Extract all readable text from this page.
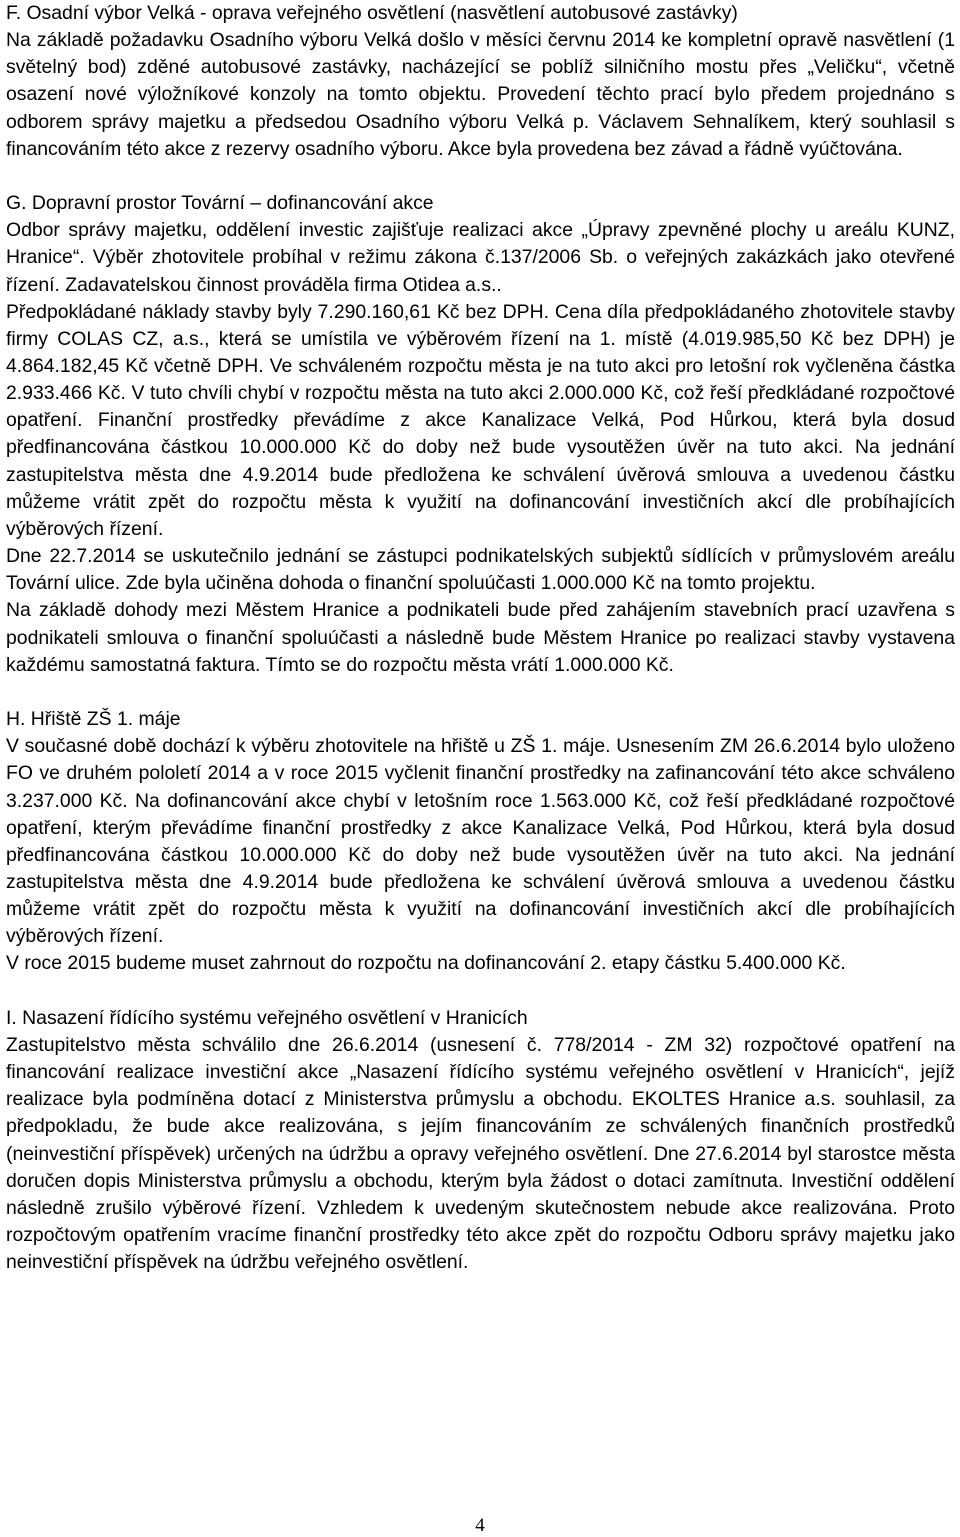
F. Osadní výbor Velká - oprava veřejného osvětlení (nasvětlení autobusové zastávky)

Na základě požadavku Osadního výboru Velká došlo v měsíci červnu 2014 ke kompletní opravě nasvětlení (1 světelný bod) zděné autobusové zastávky, nacházející se poblíž silničního mostu přes „Veličku“, včetně osazení nové výložníkové konzoly na tomto objektu. Provedení těchto prací bylo předem projednáno s odborem správy majetku a předsedou Osadního výboru Velká p. Václavem Sehnalíkem, který souhlasil s financováním této akce z rezervy osadního výboru. Akce byla provedena bez závad a řádně vyúčtována.

G. Dopravní prostor Tovární – dofinancování akce

Odbor správy majetku, oddělení investic zajišťuje realizaci akce „Úpravy zpevněné plochy u areálu KUNZ, Hranice“. Výběr zhotovitele probíhal v režimu zákona č.137/2006 Sb. o veřejných zakázkách jako otevřené řízení. Zadavatelskou činnost prováděla firma Otidea a.s..

Předpokládané náklady stavby byly 7.290.160,61 Kč bez DPH. Cena díla předpokládaného zhotovitele stavby firmy COLAS CZ, a.s., která se umístila ve výběrovém řízení na 1. místě (4.019.985,50 Kč bez DPH) je 4.864.182,45 Kč včetně DPH. Ve schváleném rozpočtu města je na tuto akci pro letošní rok vyčleněna částka 2.933.466 Kč. V tuto chvíli chybí v rozpočtu města na tuto akci 2.000.000 Kč, což řeší předkládané rozpočtové opatření. Finanční prostředky převádíme z akce Kanalizace Velká, Pod Hůrkou, která byla dosud předfinancována částkou 10.000.000 Kč do doby než bude vysoutěžen úvěr na tuto akci. Na jednání zastupitelstva města dne 4.9.2014 bude předložena ke schválení úvěrová smlouva a uvedenou částku můžeme vrátit zpět do rozpočtu města k využití na dofinancování investičních akcí dle probíhajících výběrových řízení.

Dne 22.7.2014 se uskutečnilo jednání se zástupci podnikatelských subjektů sídlících v průmyslovém areálu Tovární ulice. Zde byla učiněna dohoda o finanční spoluúčasti 1.000.000 Kč na tomto projektu.

Na základě dohody mezi Městem Hranice a podnikateli bude před zahájením stavebních prací uzavřena s podnikateli smlouva o finanční spoluúčasti a následně bude Městem Hranice po realizaci stavby vystavena každému samostatná faktura. Tímto se do rozpočtu města vrátí 1.000.000 Kč.

H. Hřiště ZŠ 1. máje

V současné době dochází k výběru zhotovitele na hřiště u ZŠ 1. máje. Usnesením ZM 26.6.2014 bylo uloženo FO ve druhém pololetí 2014 a v roce 2015 vyčlenit finanční prostředky na zafinancování této akce schváleno 3.237.000 Kč. Na dofinancování akce chybí v letošním roce 1.563.000 Kč, což řeší předkládané rozpočtové opatření, kterým převádíme finanční prostředky z akce Kanalizace Velká, Pod Hůrkou, která byla dosud předfinancována částkou 10.000.000 Kč do doby než bude vysoutěžen úvěr na tuto akci. Na jednání zastupitelstva města dne 4.9.2014 bude předložena ke schválení úvěrová smlouva a uvedenou částku můžeme vrátit zpět do rozpočtu města k využití na dofinancování investičních akcí dle probíhajících výběrových řízení.

V roce 2015 budeme muset zahrnout do rozpočtu na dofinancování 2. etapy částku 5.400.000 Kč.

I. Nasazení řídícího systému veřejného osvětlení v Hranicích

Zastupitelstvo města schválilo dne 26.6.2014 (usnesení č. 778/2014 - ZM 32) rozpočtové opatření na financování realizace investiční akce „Nasazení řídícího systému veřejného osvětlení v Hranicích“, jejíž realizace byla podmíněna dotací z Ministerstva průmyslu a obchodu. EKOLTES Hranice a.s. souhlasil, za předpokladu, že bude akce realizována, s jejím financováním ze schválených finančních prostředků (neinvestiční příspěvek) určených na údržbu a opravy veřejného osvětlení. Dne 27.6.2014 byl starostce města doručen dopis Ministerstva průmyslu a obchodu, kterým byla žádost o dotaci zamítnuta. Investiční oddělení následně zrušilo výběrové řízení. Vzhledem k uvedeným skutečnostem nebude akce realizována. Proto rozpočtovým opatřením vracíme finanční prostředky této akce zpět do rozpočtu Odboru správy majetku jako neinvestiční příspěvek na údržbu veřejného osvětlení.

4
